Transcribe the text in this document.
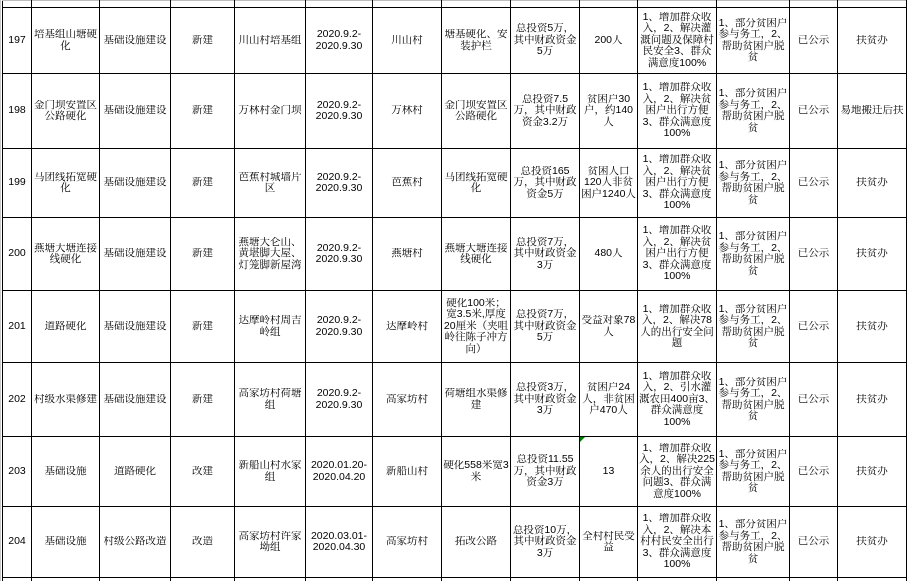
197	培基组山塘硬化	基础设施建设	新建	川山村培基组	2020.9.2-2020.9.30	川山村	塘基硬化、安装护栏	总投资5万，其中财政资金5万	200人	1、增加群众收入，2、解决灌溉问题及保障村民安全3、群众满意度100%	1、部分贫困户参与务工，2、帮助贫困户脱贫	已公示	扶贫办

198	金门坝安置区公路硬化	基础设施建设	新建	万林村金门坝	2020.9.2-2020.9.30	万林村	金门坝安置区公路硬化	总投资7.5万，其中财政资金3.2万	贫困户30户，约140人	1、增加群众收入，2、解决贫困户出行方便3、群众满意度100%	1、部分贫困户参与务工，2、帮助贫困户脱贫	已公示	易地搬迁后扶

199	马团线拓宽硬化	基础设施建设	新建	芭蕉村城墙片区	2020.9.2-2020.9.30	芭蕉村	马团线拓宽硬化	总投资165万，其中财政资金5万	贫困人口120人非贫困户1240人	1、增加群众收入，2、解决贫困户出行方便3、群众满意度100%	1、部分贫困户参与务工，2、帮助贫困户脱贫	已公示	扶贫办

200	燕塘大塘连接线硬化	基础设施建设	新建	燕塘大仑山、黄堪脚大屋、灯笼脚新屋湾	2020.9.2-2020.9.30	燕塘村	燕塘大塘连接线硬化	总投资7万，其中财政资金3万	480人	1、增加群众收入，2、解决贫困户出行方便3、群众满意度100%	1、部分贫困户参与务工，2、帮助贫困户脱贫	已公示	扶贫办

201	道路硬化	基础设施建设	新建	达摩岭村周吉岭组	2020.9.2-2020.9.30	达摩岭村	硬化100米；宽3.5米,厚度20厘米（夹咀岭往陈子冲方向）	总投资7万，其中财政资金5万	受益对象78人	1、增加群众收入，2、解决78人的出行安全问题	1、部分贫困户参与务工，2、帮助贫困户脱贫	已公示	扶贫办

202	村级水渠修建	基础设施建设	新建	高家坊村荷塘组	2020.9.2-2020.9.30	高家坊村	荷塘组水渠修建	总投资3万，其中财政资金3万	贫困户24人，非贫困户470人	1、增加群众收入，2、引水灌溉农田400亩3、群众满意度100%	1、部分贫困户参与务工，2、帮助贫困户脱贫	已公示	扶贫办

203	基础设施	道路硬化	改建	新船山村水家组	2020.01.20-2020.04.20	新船山村	硬化558米宽3米	总投资11.55万，其中财政资金3万	13	1、增加群众收入，2、解决225余人的出行安全问题3、群众满意度100%	1、部分贫困户参与务工，2、帮助贫困户脱贫	已公示	扶贫办

204	基础设施	村级公路改造	改造	高家坊村许家坳组	2020.03.01-2020.04.30	高家坊村	拓改公路	总投资10万，其中财政资金3万	全村村民受益	1、增加群众收入，2、解决本村村民安全出行3、群众满意度100%	1、部分贫困户参与务工，2、帮助贫困户脱贫	已公示	扶贫办
